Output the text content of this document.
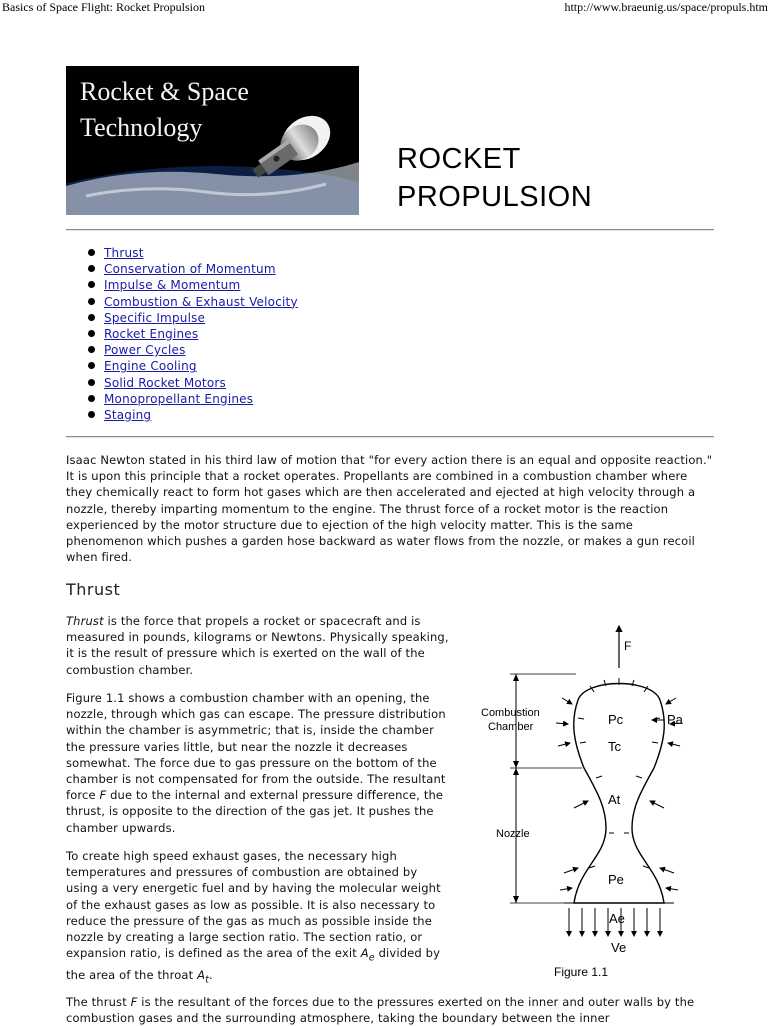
Basics of Space Flight: Rocket Propulsion	http://www.braeunig.us/space/propuls.htm
Rocket & Space
Technology
ROCKET
PROPULSION
Thrust
Conservation of Momentum
Impulse & Momentum
Combustion & Exhaust Velocity
Specific Impulse
Rocket Engines
Power Cycles
Engine Cooling
Solid Rocket Motors
Monopropellant Engines
Staging

Isaac Newton stated in his third law of motion that "for every action there is an equal and opposite reaction." It is upon this principle that a rocket operates. Propellants are combined in a combustion chamber where they chemically react to form hot gases which are then accelerated and ejected at high velocity through a nozzle, thereby imparting momentum to the engine. The thrust force of a rocket motor is the reaction experienced by the motor structure due to ejection of the high velocity matter. This is the same phenomenon which pushes a garden hose backward as water flows from the nozzle, or makes a gun recoil when fired.

Thrust

Thrust is the force that propels a rocket or spacecraft and is measured in pounds, kilograms or Newtons. Physically speaking, it is the result of pressure which is exerted on the wall of the combustion chamber.

Figure 1.1 shows a combustion chamber with an opening, the nozzle, through which gas can escape. The pressure distribution within the chamber is asymmetric; that is, inside the chamber the pressure varies little, but near the nozzle it decreases somewhat. The force due to gas pressure on the bottom of the chamber is not compensated for from the outside. The resultant force F due to the internal and external pressure difference, the thrust, is opposite to the direction of the gas jet. It pushes the chamber upwards.

To create high speed exhaust gases, the necessary high temperatures and pressures of combustion are obtained by using a very energetic fuel and by having the molecular weight of the exhaust gases as low as possible. It is also necessary to reduce the pressure of the gas as much as possible inside the nozzle by creating a large section ratio. The section ratio, or expansion ratio, is defined as the area of the exit $A_e$ divided by the area of the throat $A_t$.

The thrust F is the resultant of the forces due to the pressures exerted on the inner and outer walls by the combustion gases and the surrounding atmosphere, taking the boundary between the inner

F
Combustion
Chamber
Nozzle
Pc
Tc
Pa
At
Pe
Ae
Ve
Figure 1.1
